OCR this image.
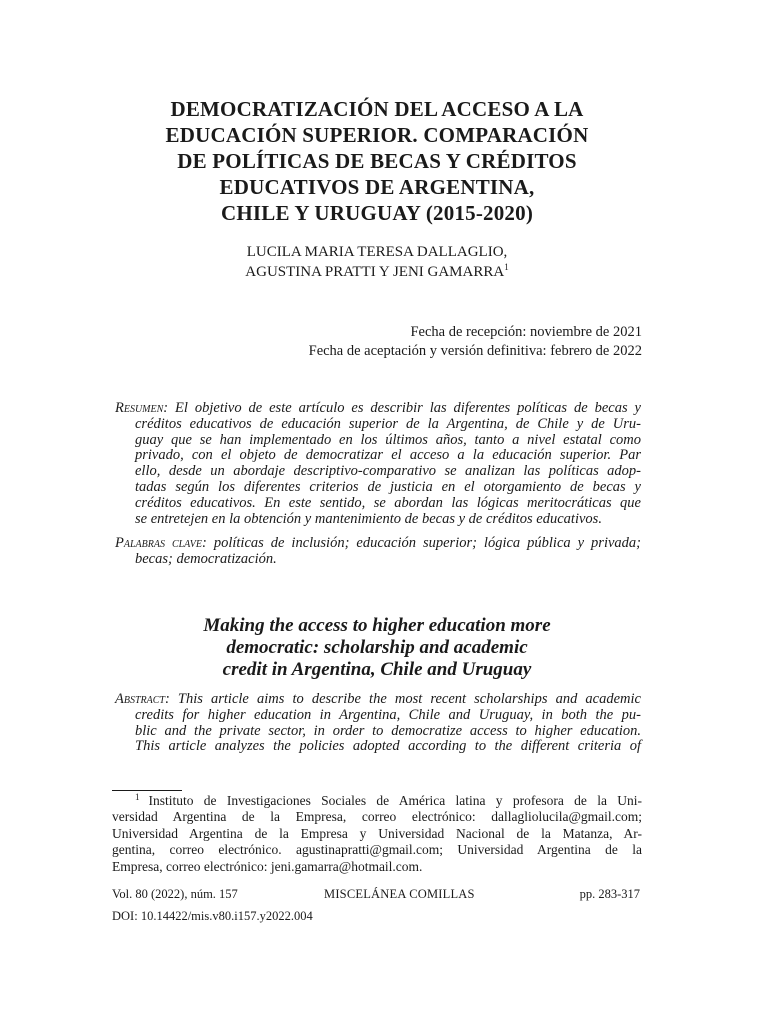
DEMOCRATIZACIÓN DEL ACCESO A LA
EDUCACIÓN SUPERIOR. COMPARACIÓN
DE POLÍTICAS DE BECAS Y CRÉDITOS
EDUCATIVOS DE ARGENTINA,
CHILE Y URUGUAY (2015-2020)
LUCILA MARIA TERESA DALLAGLIO,
AGUSTINA PRATTI Y JENI GAMARRA$^1$
Fecha de recepción: noviembre de 2021
Fecha de aceptación y versión definitiva: febrero de 2022
Resumen: El objetivo de este artículo es describir las diferentes políticas de becas y
créditos educativos de educación superior de la Argentina, de Chile y de Uru-
guay que se han implementado en los últimos años, tanto a nivel estatal como
privado, con el objeto de democratizar el acceso a la educación superior. Par
ello, desde un abordaje descriptivo-comparativo se analizan las políticas adop-
tadas según los diferentes criterios de justicia en el otorgamiento de becas y
créditos educativos. En este sentido, se abordan las lógicas meritocráticas que
se entretejen en la obtención y mantenimiento de becas y de créditos educativos.
Palabras clave: políticas de inclusión; educación superior; lógica pública y privada;
becas; democratización.
Making the access to higher education more
democratic: scholarship and academic
credit in Argentina, Chile and Uruguay
Abstract: This article aims to describe the most recent scholarships and academic
credits for higher education in Argentina, Chile and Uruguay, in both the pu-
blic and the private sector, in order to democratize access to higher education.
This article analyzes the policies adopted according to the different criteria of
$^1$ Instituto de Investigaciones Sociales de América latina y profesora de la Uni-
versidad Argentina de la Empresa, correo electrónico: dallagliolucila@gmail.com;
Universidad Argentina de la Empresa y Universidad Nacional de la Matanza, Ar-
gentina, correo electrónico. agustinapratti@gmail.com; Universidad Argentina de la
Empresa, correo electrónico: jeni.gamarra@hotmail.com.
Vol. 80 (2022), núm. 157	MISCELÁNEA COMILLAS	pp. 283-317
DOI: 10.14422/mis.v80.i157.y2022.004
